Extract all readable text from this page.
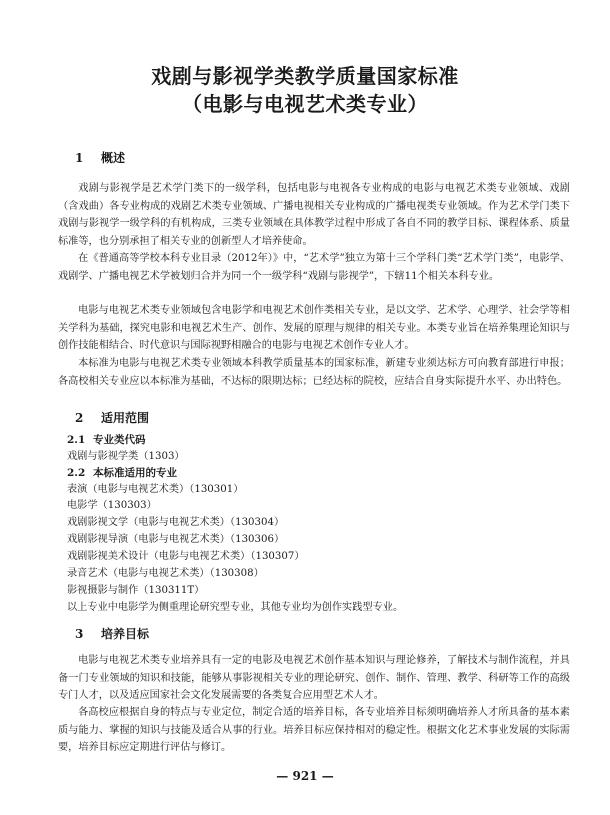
戏剧与影视学类教学质量国家标准
（电影与电视艺术类专业）
1 概述
戏剧与影视学是艺术学门类下的一级学科，包括电影与电视各专业构成的电影与电视艺术类专业领域、戏剧（含戏曲）各专业构成的戏剧艺术类专业领域、广播电视相关专业构成的广播电视类专业领域。作为艺术学门类下戏剧与影视学一级学科的有机构成，三类专业领域在具体教学过程中形成了各自不同的教学目标、课程体系、质量标准等，也分别承担了相关专业的创新型人才培养使命。
在《普通高等学校本科专业目录（2012年）》中，“艺术学”独立为第十三个学科门类“艺术学门类”，电影学、戏剧学、广播电视艺术学被划归合并为同一个一级学科“戏剧与影视学”，下辖11个相关本科专业。
电影与电视艺术类专业领域包含电影学和电视艺术创作类相关专业，是以文学、艺术学、心理学、社会学等相关学科为基础，探究电影和电视艺术生产、创作、发展的原理与规律的相关专业。本类专业旨在培养集理论知识与创作技能相结合、时代意识与国际视野相融合的电影与电视艺术创作专业人才。
本标准为电影与电视艺术类专业领域本科教学质量基本的国家标准，新建专业须达标方可向教育部进行申报；各高校相关专业应以本标准为基础，不达标的限期达标；已经达标的院校，应结合自身实际提升水平、办出特色。
2 适用范围
2.1 专业类代码
戏剧与影视学类（1303）
2.2 本标准适用的专业
表演（电影与电视艺术类）（130301）
电影学（130303）
戏剧影视文学（电影与电视艺术类）（130304）
戏剧影视导演（电影与电视艺术类）（130306）
戏剧影视美术设计（电影与电视艺术类）（130307）
录音艺术（电影与电视艺术类）（130308）
影视摄影与制作（130311T）
以上专业中电影学为侧重理论研究型专业，其他专业均为创作实践型专业。
3 培养目标
电影与电视艺术类专业培养具有一定的电影及电视艺术创作基本知识与理论修养，了解技术与制作流程，并具备一门专业领域的知识和技能，能够从事影视相关专业的理论研究、创作、制作、管理、教学、科研等工作的高级专门人才，以及适应国家社会文化发展需要的各类复合应用型艺术人才。
各高校应根据自身的特点与专业定位，制定合适的培养目标，各专业培养目标须明确培养人才所具备的基本素质与能力、掌握的知识与技能及适合从事的行业。培养目标应保持相对的稳定性。根据文化艺术事业发展的实际需要，培养目标应定期进行评估与修订。
— 921 —
